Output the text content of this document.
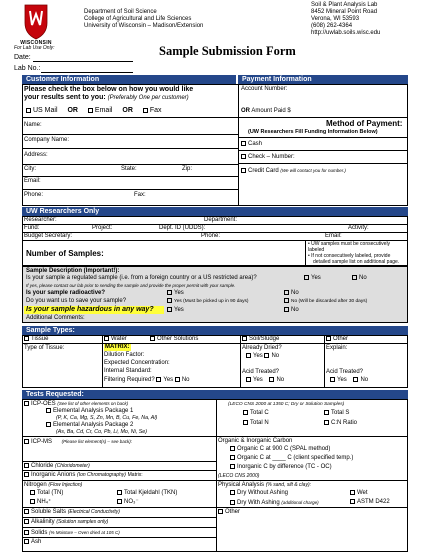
WISCONSIN
Department of Soil Science
College of Agricultural and Life Sciences
University of Wisconsin – Madison/Extension
Soil & Plant Analysis Lab
8452 Mineral Point Road
Verona, WI 53593
(608) 262-4364
http://uwlab.soils.wisc.edu
For Lab Use Only:
Date:
Lab No.:
Sample Submission Form
Customer Information	Payment Information
Please check the box below on how you would like
your results sent to you: (Preferably One per customer)
US Mail OR Email OR Fax
Name:
Company Name:
Address:
City:	State:	Zip:
Email:
Phone:	Fax:
Account Number:
OR Amount Paid $
Method of Payment:
(UW Researchers Fill Funding Information Below)
Cash
Check – Number:
Credit Card (We will contact you for number.)
UW Researchers Only
Researcher:	Department:
Fund:	Project:	Dept. ID (UDDS):	Activity:
Budget Secretary:	Phone:	Email:
Number of Samples:
• UW samples must be consecutively labeled
• If not consecutively labeled, provide detailed sample list on additional page.
Sample Description (Important!):
Is your sample a regulated sample (i.e. from a foreign country or a US restricted area)?	Yes	No
If yes, please contact our lab prior to sending the sample and provide the proper permit with your sample.
Is your sample radioactive?	Yes	No
Do you want us to save your sample?	Yes (Must be picked up in 90 days)	No (Will be discarded after 30 days)
Is your sample hazardous in any way?	Yes	No
Additional Comments:
Sample Types:
Tissue	Water	Other Solutions	Soil/Sludge	Other
Type of Tissue:	MATRIX:
Dilution Factor:
Expected Concentration:
Internal Standard:
Filtering Required? Yes No
Already Dried?
Yes No
Acid Treated?
Yes No
Explain:
Acid Treated?
Yes No
Tests Requested:
ICP-OES (See list of other elements on back)
Elemental Analysis Package 1
(P, K, Ca, Mg, S, Zn, Mn, B, Cu, Fe, Na, Al)
Elemental Analysis Package 2
(As, Ba, Cd, Cr, Co, Pb, Li, Mo, Ni, Se)
ICP-MS (Please list element(s) – see back):
Chloride (Chloridometer)
Inorganic Anions (Ion Chromatography) Matrix:
Nitrogen (Flow Injection)
Total (TN)	Total Kjeldahl (TKN)
NH₄⁺	NO₃⁻
Soluble Salts (Electrical Conductivity)
Alkalinity (Solution samples only)
Solids (% Moisture – Oven dried at 105 C)
Ash
(LECO CNS 2000 at 1350 C; Dry or Solution Samples)
Total C	Total S
Total N	C:N Ratio
Organic & Inorganic Carbon
Organic C at 900 C (SPAL method)
Organic C at ____ C (client specified temp.)
Inorganic C by difference (TC - OC)
(LECO CNS 2000)
Physical Analysis (% sand, silt & clay):
Dry Without Ashing	Wet
Dry With Ashing (additional charge)	ASTM D422
Other
